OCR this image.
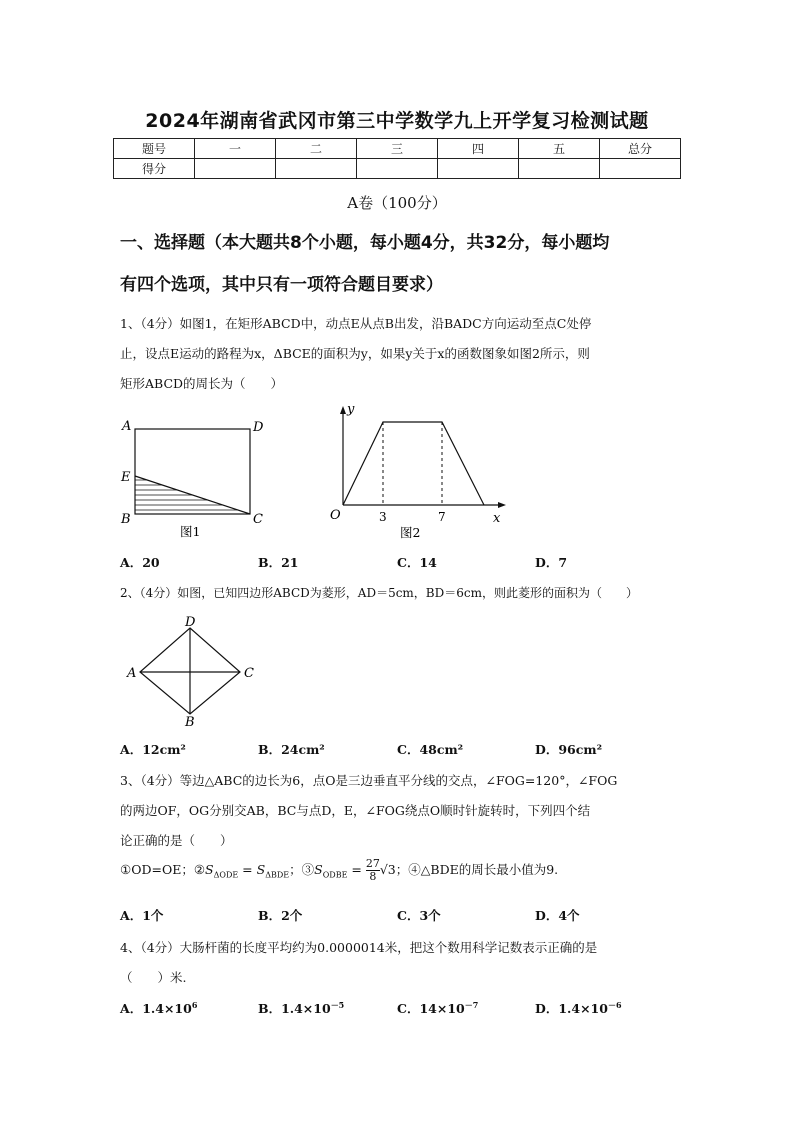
2024年湖南省武冈市第三中学数学九上开学复习检测试题
题号	一	二	三	四	五	总分
得分						
A卷（100分）
一、选择题（本大题共8个小题，每小题4分，共32分，每小题均
有四个选项，其中只有一项符合题目要求）
1、（4分）如图1，在矩形ABCD中，动点E从点B出发，沿BADC方向运动至点C处停
止，设点E运动的路程为x，ΔBCE的面积为y，如果y关于x的函数图象如图2所示，则
矩形ABCD的周长为（　　）
A	D
E
B	C
图1
y
x
O	3	7
图2
A．20	B．21	C．14	D．7
2、（4分）如图，已知四边形ABCD为菱形，AD＝5cm，BD＝6cm，则此菱形的面积为（　　）
D
A	C
B
A．12cm²	B．24cm²	C．48cm²	D．96cm²
3、（4分）等边△ABC的边长为6，点O是三边垂直平分线的交点，∠FOG=120°，∠FOG
的两边OF，OG分别交AB，BC与点D，E，∠FOG绕点O顺时针旋转时，下列四个结
论正确的是（　　）
①OD=OE；$②S_{\Delta ODE} = S_{\Delta BDE}$；$③S_{ODBE} = \frac{27}{8} √3$；④△BDE的周长最小值为9.
A．1个	B．2个	C．3个	D．4个
4、（4分）大肠杆菌的长度平均约为0.0000014米，把这个数用科学记数表示正确的是
（　　）米.
A．$1.4\times 10^6$	B．$1.4\times 10^{-5}$	C．$14\times 10^{-7}$	D．$1.4\times 10^{-6}$
